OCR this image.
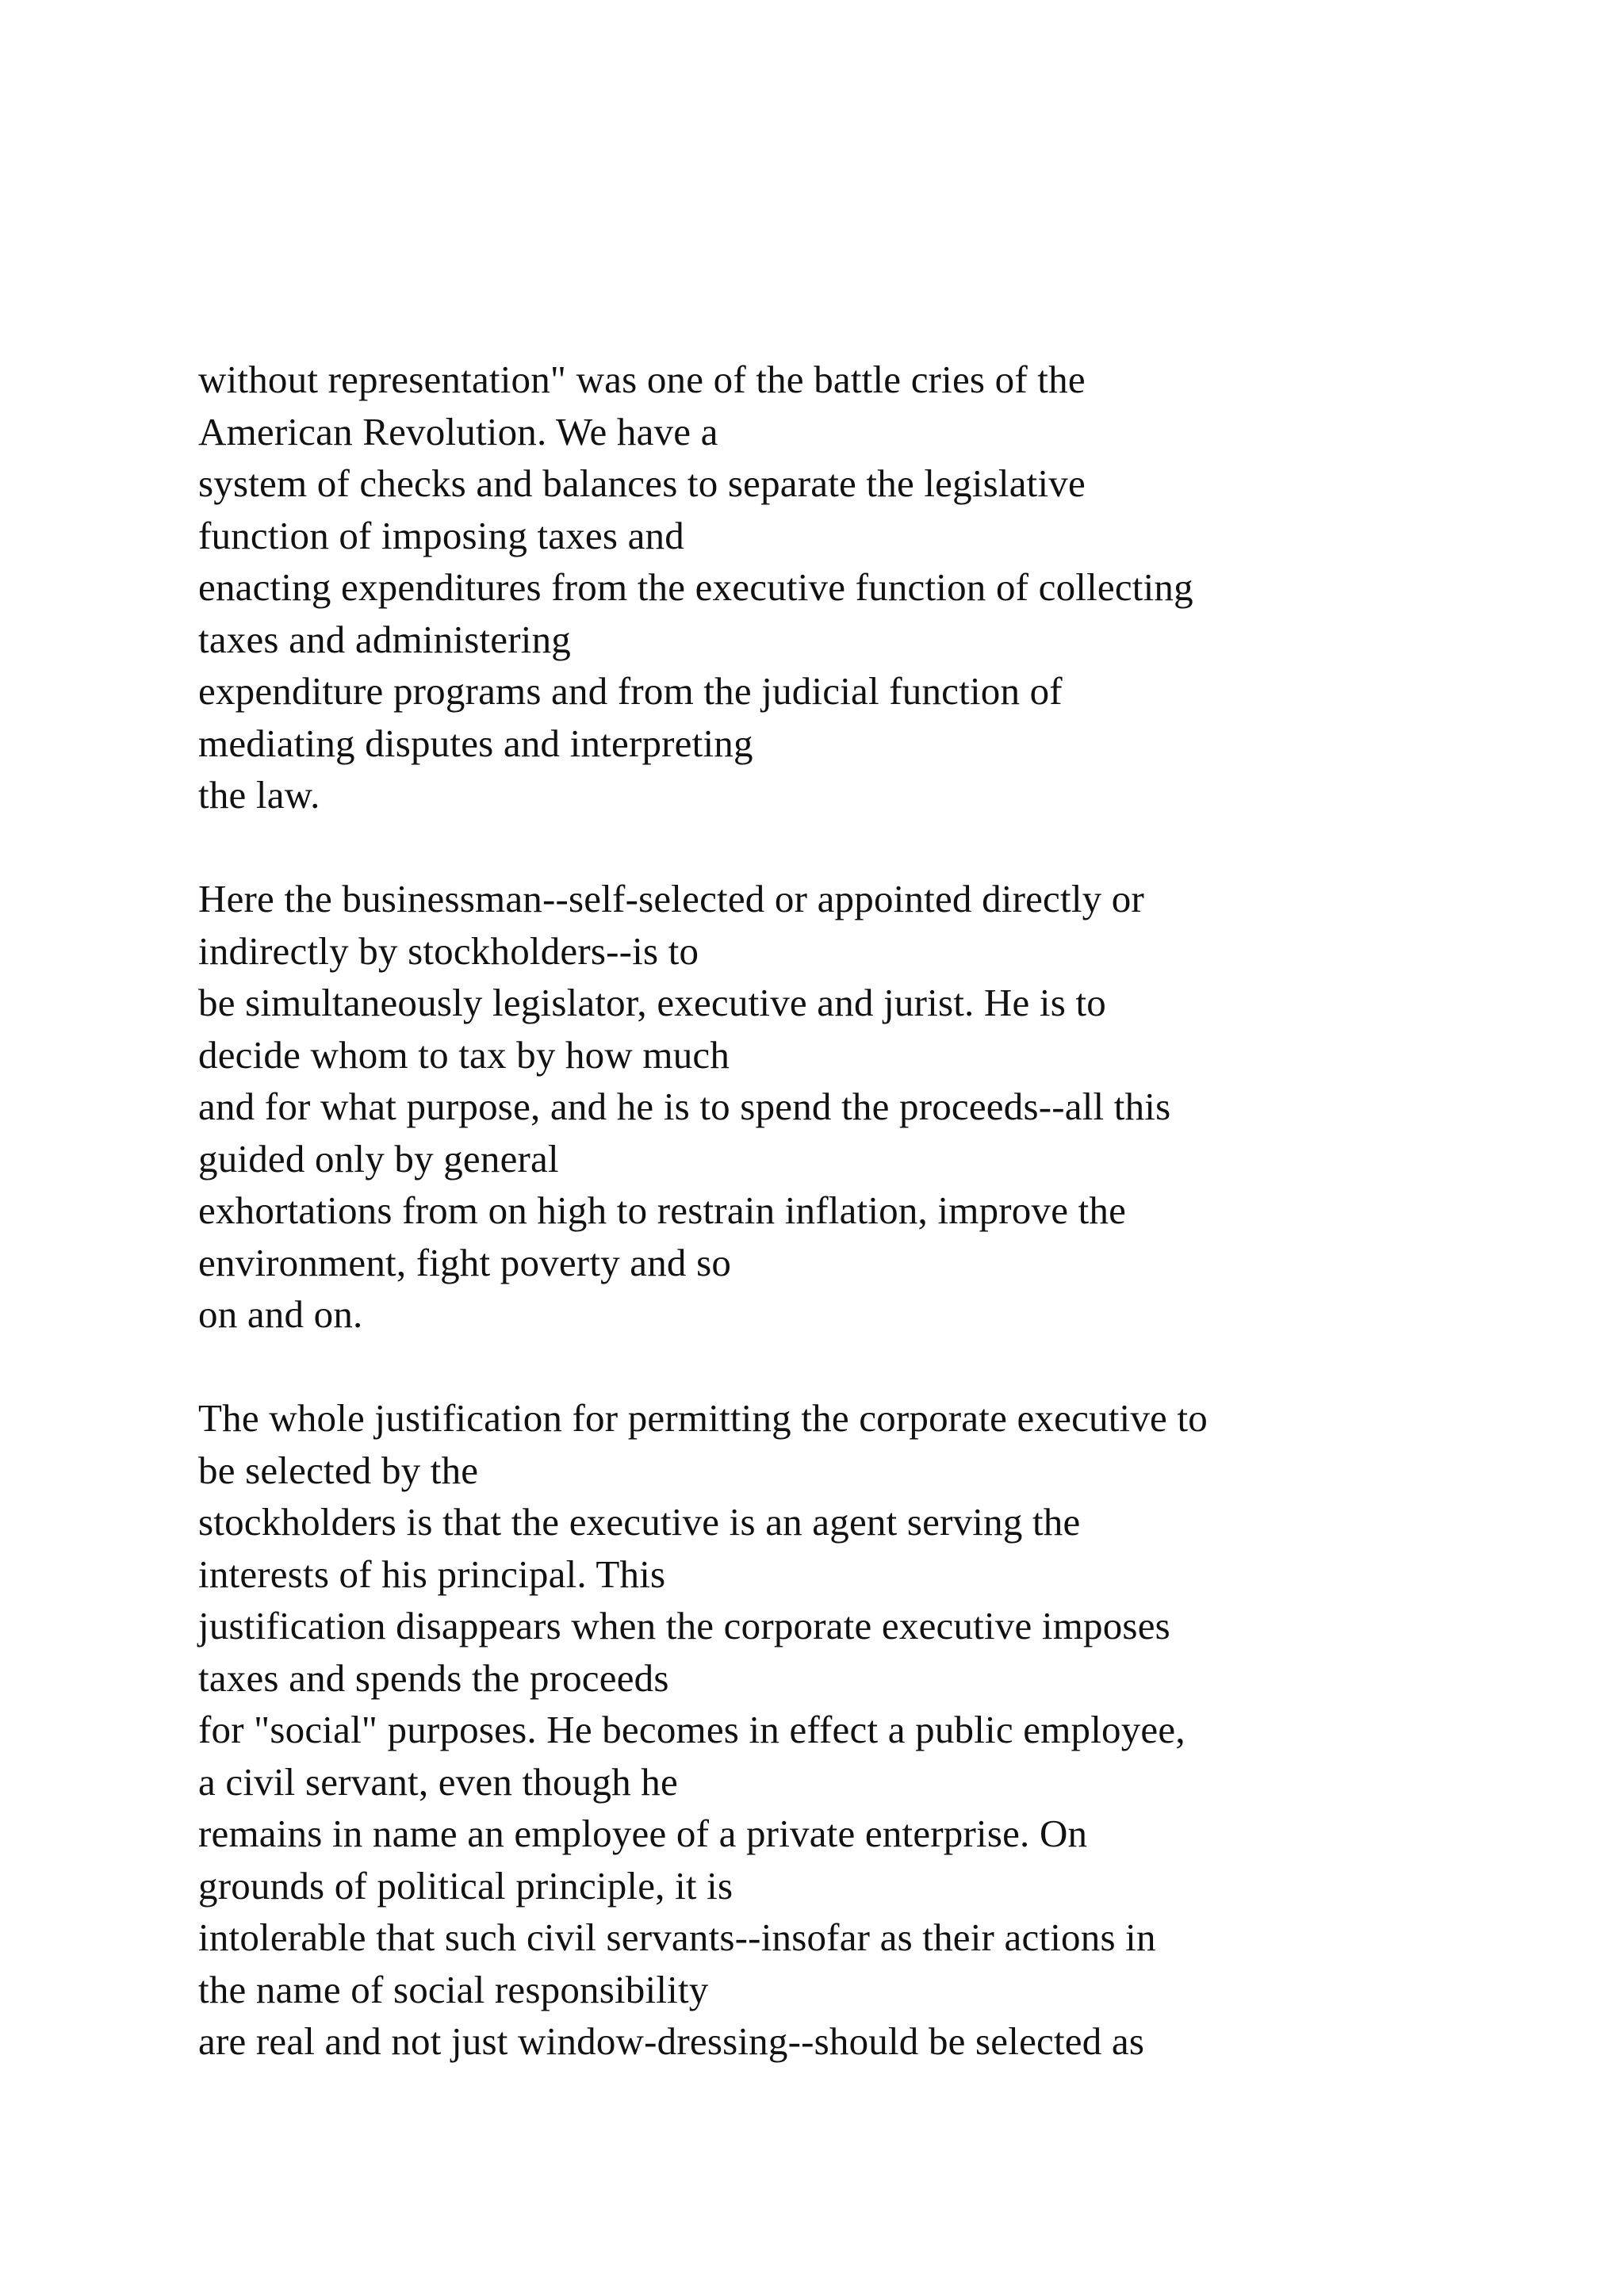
without representation" was one of the battle cries of the
American Revolution. We have a
system of checks and balances to separate the legislative
function of imposing taxes and
enacting expenditures from the executive function of collecting
taxes and administering
expenditure programs and from the judicial function of
mediating disputes and interpreting
the law.
Here the businessman--self-selected or appointed directly or
indirectly by stockholders--is to
be simultaneously legislator, executive and jurist. He is to
decide whom to tax by how much
and for what purpose, and he is to spend the proceeds--all this
guided only by general
exhortations from on high to restrain inflation, improve the
environment, fight poverty and so
on and on.
The whole justification for permitting the corporate executive to
be selected by the
stockholders is that the executive is an agent serving the
interests of his principal. This
justification disappears when the corporate executive imposes
taxes and spends the proceeds
for "social" purposes. He becomes in effect a public employee,
a civil servant, even though he
remains in name an employee of a private enterprise. On
grounds of political principle, it is
intolerable that such civil servants--insofar as their actions in
the name of social responsibility
are real and not just window-dressing--should be selected as
